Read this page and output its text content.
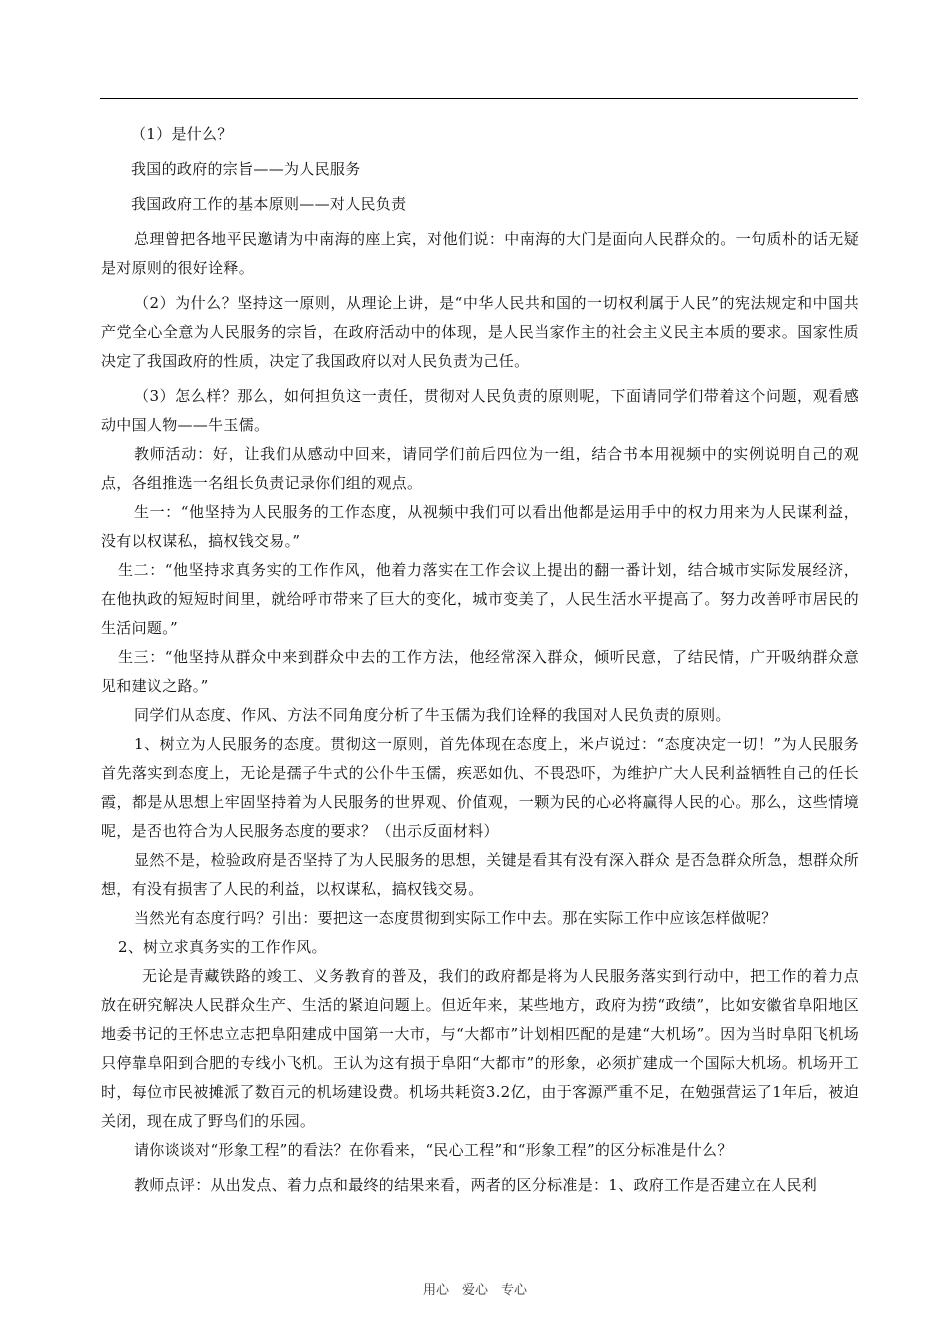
（1）是什么？

我国的政府的宗旨——为人民服务

我国政府工作的基本原则——对人民负责

总理曾把各地平民邀请为中南海的座上宾，对他们说：中南海的大门是面向人民群众的。一句质朴的话无疑是对原则的很好诠释。

（2）为什么？坚持这一原则，从理论上讲，是“中华人民共和国的一切权利属于人民”的宪法规定和中国共产党全心全意为人民服务的宗旨，在政府活动中的体现，是人民当家作主的社会主义民主本质的要求。国家性质决定了我国政府的性质，决定了我国政府以对人民负责为己任。

（3）怎么样？那么，如何担负这一责任，贯彻对人民负责的原则呢，下面请同学们带着这个问题，观看感动中国人物——牛玉儒。

教师活动：好，让我们从感动中回来，请同学们前后四位为一组，结合书本用视频中的实例说明自己的观点，各组推选一名组长负责记录你们组的观点。

生一：“他坚持为人民服务的工作态度，从视频中我们可以看出他都是运用手中的权力用来为人民谋利益，没有以权谋私，搞权钱交易。”

生二：“他坚持求真务实的工作作风，他着力落实在工作会议上提出的翻一番计划，结合城市实际发展经济，在他执政的短短时间里，就给呼市带来了巨大的变化，城市变美了，人民生活水平提高了。努力改善呼市居民的生活问题。”

生三：“他坚持从群众中来到群众中去的工作方法，他经常深入群众，倾听民意，了结民情，广开吸纳群众意见和建议之路。”

同学们从态度、作风、方法不同角度分析了牛玉儒为我们诠释的我国对人民负责的原则。

1、树立为人民服务的态度。贯彻这一原则，首先体现在态度上，米卢说过：“态度决定一切！”为人民服务首先落实到态度上，无论是孺子牛式的公仆牛玉儒，疾恶如仇、不畏恐吓，为维护广大人民利益牺牲自己的任长霞，都是从思想上牢固坚持着为人民服务的世界观、价值观，一颗为民的心必将赢得人民的心。那么，这些情境呢，是否也符合为人民服务态度的要求？（出示反面材料）

显然不是，检验政府是否坚持了为人民服务的思想，关键是看其有没有深入群众 是否急群众所急，想群众所想，有没有损害了人民的利益，以权谋私，搞权钱交易。

当然光有态度行吗？引出：要把这一态度贯彻到实际工作中去。那在实际工作中应该怎样做呢？

2、树立求真务实的工作作风。

无论是青藏铁路的竣工、义务教育的普及，我们的政府都是将为人民服务落实到行动中，把工作的着力点放在研究解决人民群众生产、生活的紧迫问题上。但近年来，某些地方，政府为捞“政绩”，比如安徽省阜阳地区地委书记的王怀忠立志把阜阳建成中国第一大市，与“大都市”计划相匹配的是建“大机场”。因为当时阜阳飞机场只停靠阜阳到合肥的专线小飞机。王认为这有损于阜阳“大都市”的形象，必须扩建成一个国际大机场。机场开工时，每位市民被摊派了数百元的机场建设费。机场共耗资3.2亿，由于客源严重不足，在勉强营运了1年后，被迫关闭，现在成了野鸟们的乐园。

请你谈谈对“形象工程”的看法？在你看来，“民心工程”和“形象工程”的区分标准是什么？

教师点评：从出发点、着力点和最终的结果来看，两者的区分标准是：1、政府工作是否建立在人民利

用心　爱心　专心
